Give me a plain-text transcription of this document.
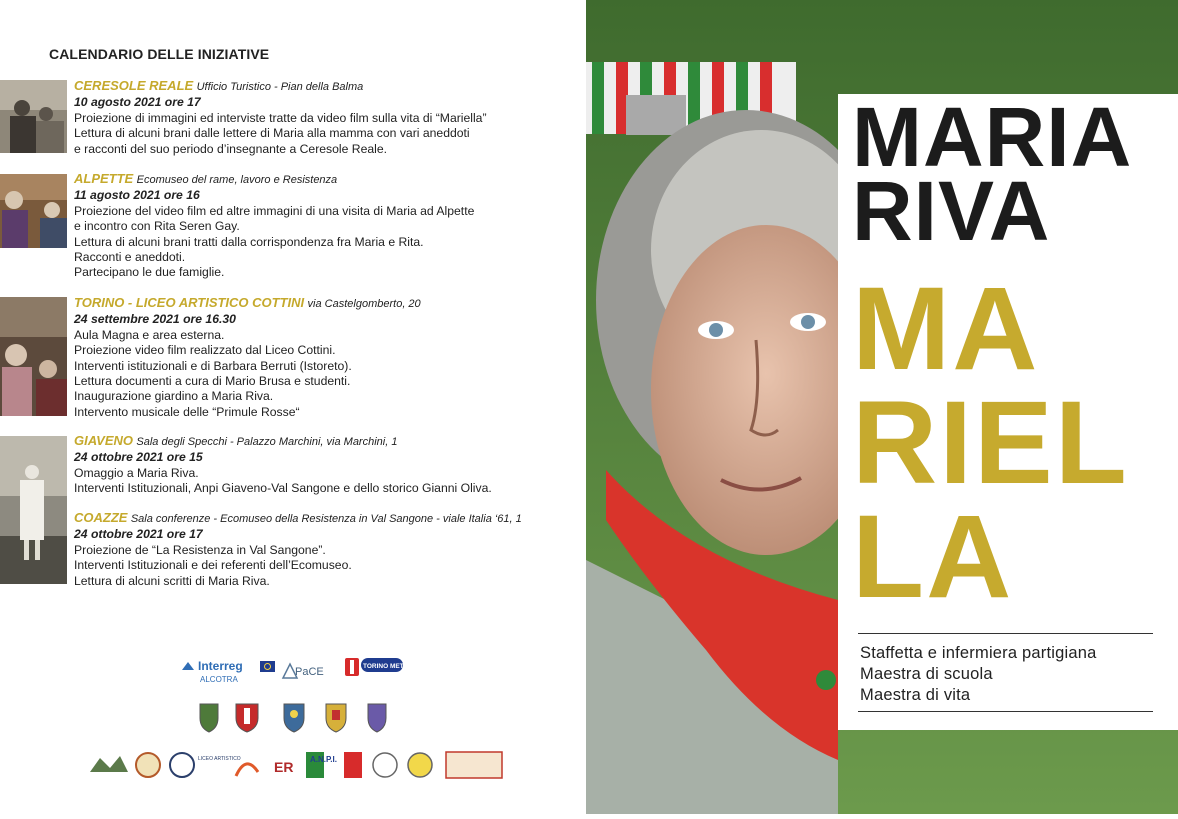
CALENDARIO DELLE INIZIATIVE
CERESOLE REALE Ufficio Turistico - Pian della Balma
10 agosto 2021 ore 17
Proiezione di immagini ed interviste tratte da video film sulla vita di “Mariella”
Lettura di alcuni brani dalle lettere di Maria alla mamma con vari aneddoti
e racconti del suo periodo d’insegnante a Ceresole Reale.
ALPETTE Ecomuseo del rame, lavoro e Resistenza
11 agosto 2021 ore 16
Proiezione del video film ed altre immagini di una visita di Maria ad Alpette
e incontro con Rita Seren Gay.
Lettura di alcuni brani tratti dalla corrispondenza fra Maria e Rita.
Racconti e aneddoti.
Partecipano le due famiglie.
TORINO - LICEO ARTISTICO COTTINI via Castelgomberto, 20
24 settembre 2021 ore 16.30
Aula Magna e area esterna.
Proiezione video film realizzato dal Liceo Cottini.
Interventi istituzionali e di Barbara Berruti (Istoreto).
Lettura documenti a cura di Mario Brusa e studenti.
Inaugurazione giardino a Maria Riva.
Intervento musicale delle “Primule Rosse“
GIAVENO Sala degli Specchi - Palazzo Marchini, via Marchini, 1
24 ottobre 2021 ore 15
Omaggio a Maria Riva.
Interventi Istituzionali, Anpi Giaveno-Val Sangone e dello storico Gianni Oliva.
COAZZE Sala conferenze - Ecomuseo della Resistenza in Val Sangone - viale Italia ‘61, 1
24 ottobre 2021 ore 17
Proiezione de “La Resistenza in Val Sangone”.
Interventi Istituzionali e dei referenti dell’Ecomuseo.
Lettura di alcuni scritti di Maria Riva.
Interreg
ALCOTRA
PaCE	TORINO METROPOLI
LICEO ARTISTICO ER A.N.P.I.
MARIA
RIVA
MA
RIEL
LA
Staffetta e infermiera partigiana
Maestra di scuola
Maestra di vita
